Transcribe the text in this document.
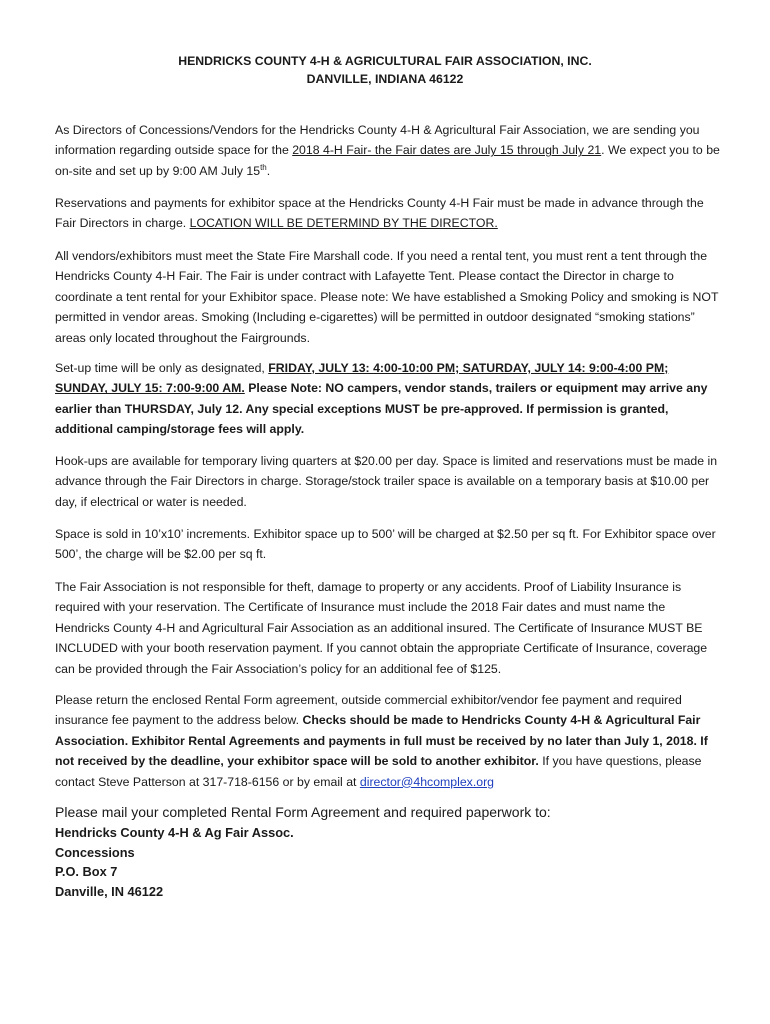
HENDRICKS COUNTY 4-H & AGRICULTURAL FAIR ASSOCIATION, INC.
DANVILLE, INDIANA 46122

As Directors of Concessions/Vendors for the Hendricks County 4-H & Agricultural Fair Association, we are sending you information regarding outside space for the 2018 4-H Fair- the Fair dates are July 15 through July 21. We expect you to be on-site and set up by 9:00 AM July 15th.

Reservations and payments for exhibitor space at the Hendricks County 4-H Fair must be made in advance through the Fair Directors in charge. LOCATION WILL BE DETERMIND BY THE DIRECTOR.

All vendors/exhibitors must meet the State Fire Marshall code. If you need a rental tent, you must rent a tent through the Hendricks County 4-H Fair. The Fair is under contract with Lafayette Tent. Please contact the Director in charge to coordinate a tent rental for your Exhibitor space. Please note: We have established a Smoking Policy and smoking is NOT permitted in vendor areas. Smoking (Including e-cigarettes) will be permitted in outdoor designated “smoking stations” areas only located throughout the Fairgrounds.

Set-up time will be only as designated, FRIDAY, JULY 13: 4:00-10:00 PM; SATURDAY, JULY 14: 9:00-4:00 PM; SUNDAY, JULY 15: 7:00-9:00 AM. Please Note: NO campers, vendor stands, trailers or equipment may arrive any earlier than THURSDAY, July 12. Any special exceptions MUST be pre-approved. If permission is granted, additional camping/storage fees will apply.

Hook-ups are available for temporary living quarters at $20.00 per day. Space is limited and reservations must be made in advance through the Fair Directors in charge. Storage/stock trailer space is available on a temporary basis at $10.00 per day, if electrical or water is needed.

Space is sold in 10’x10’ increments. Exhibitor space up to 500’ will be charged at $2.50 per sq ft. For Exhibitor space over 500’, the charge will be $2.00 per sq ft.

The Fair Association is not responsible for theft, damage to property or any accidents. Proof of Liability Insurance is required with your reservation. The Certificate of Insurance must include the 2018 Fair dates and must name the Hendricks County 4-H and Agricultural Fair Association as an additional insured. The Certificate of Insurance MUST BE INCLUDED with your booth reservation payment. If you cannot obtain the appropriate Certificate of Insurance, coverage can be provided through the Fair Association’s policy for an additional fee of $125.

Please return the enclosed Rental Form agreement, outside commercial exhibitor/vendor fee payment and required insurance fee payment to the address below. Checks should be made to Hendricks County 4-H & Agricultural Fair Association. Exhibitor Rental Agreements and payments in full must be received by no later than July 1, 2018. If not received by the deadline, your exhibitor space will be sold to another exhibitor. If you have questions, please contact Steve Patterson at 317-718-6156 or by email at director@4hcomplex.org

Please mail your completed Rental Form Agreement and required paperwork to:
Hendricks County 4-H & Ag Fair Assoc.
Concessions
P.O. Box 7
Danville, IN 46122
